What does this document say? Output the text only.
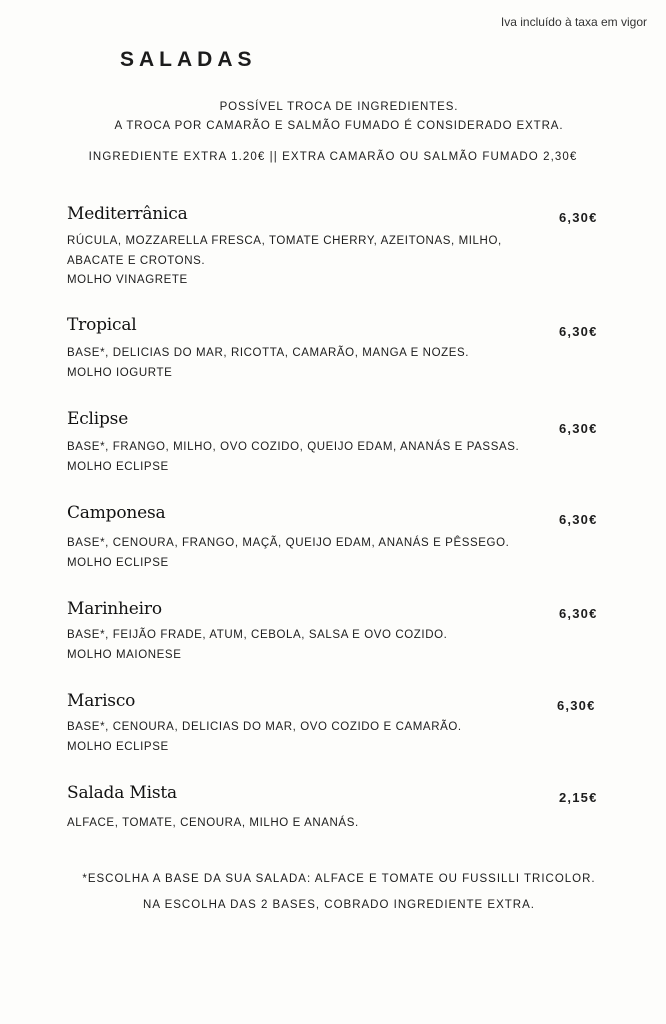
Iva incluído à taxa em vigor
SALADAS
POSSÍVEL TROCA DE INGREDIENTES.
A TROCA POR CAMARÃO E SALMÃO FUMADO É CONSIDERADO EXTRA.
INGREDIENTE EXTRA 1.20€ || EXTRA CAMARÃO OU SALMÃO FUMADO 2,30€
Mediterrânica	6,30€
RÚCULA, MOZZARELLA FRESCA, TOMATE CHERRY, AZEITONAS, MILHO,
ABACATE E CROTONS.
MOLHO VINAGRETE
Tropical	6,30€
BASE*, DELICIAS DO MAR, RICOTTA, CAMARÃO, MANGA E NOZES.
MOLHO IOGURTE
Eclipse	6,30€
BASE*, FRANGO, MILHO, OVO COZIDO, QUEIJO EDAM, ANANÁS E PASSAS.
MOLHO ECLIPSE
Camponesa	6,30€
BASE*, CENOURA, FRANGO, MAÇÃ, QUEIJO EDAM, ANANÁS E PÊSSEGO.
MOLHO ECLIPSE
Marinheiro	6,30€
BASE*, FEIJÃO FRADE, ATUM, CEBOLA, SALSA E OVO COZIDO.
MOLHO MAIONESE
Marisco	6,30€
BASE*, CENOURA, DELICIAS DO MAR, OVO COZIDO E CAMARÃO.
MOLHO ECLIPSE
Salada Mista	2,15€
ALFACE, TOMATE, CENOURA, MILHO E ANANÁS.
*ESCOLHA A BASE DA SUA SALADA: ALFACE E TOMATE OU FUSSILLI TRICOLOR.
NA ESCOLHA DAS 2 BASES, COBRADO INGREDIENTE EXTRA.
